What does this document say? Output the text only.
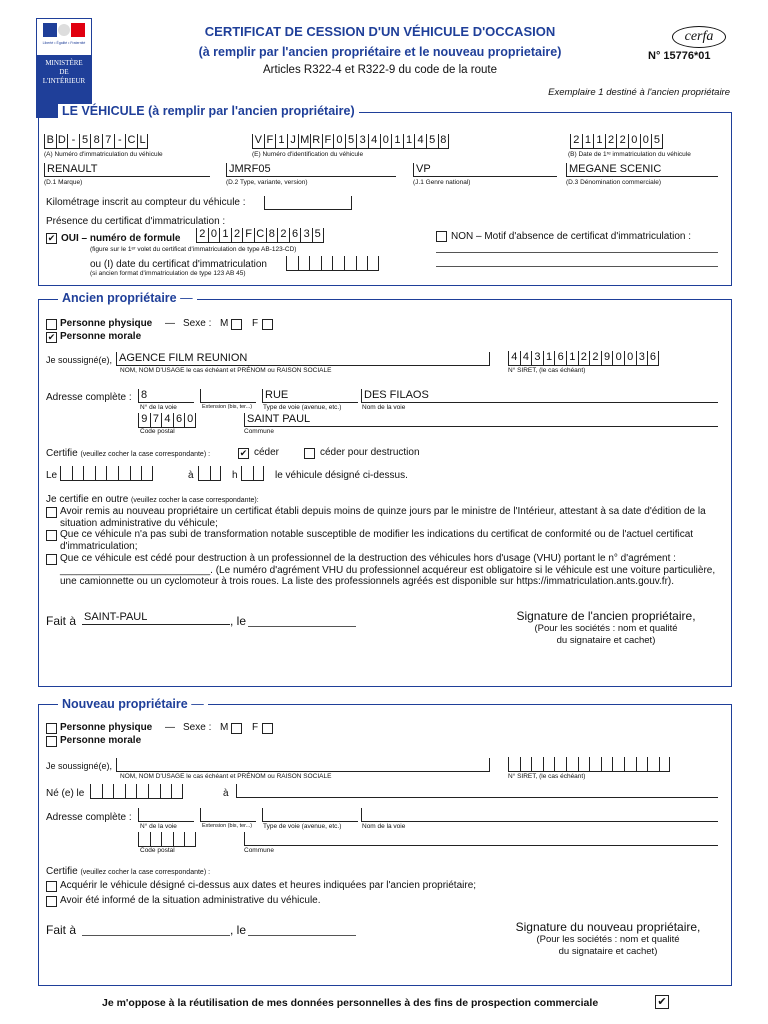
Liberté • Égalité • Fraternité
MINISTÈRE
DE
L'INTÉRIEUR
CERTIFICAT DE CESSION D'UN VÉHICULE D'OCCASION
(à remplir par l'ancien propriétaire et le nouveau proprietaire)
Articles R322-4 et R322-9 du code de la route
cerfa
N° 15776*01
Exemplaire 1 destiné à l'ancien propriétaire
LE VÉHICULE (à remplir par l'ancien propriétaire)
B D - 5 8 7 - C L
(A) Numéro d'immatriculation du véhicule
V F 1 J M R F 0 5 3 4 0 1 1 4 5 8
(E) Numéro d'identification du véhicule
2 1 1 2 2 0 0 5
(B) Date de 1ʳᵉ immatriculation du véhicule
RENAULT
(D.1 Marque)
JMRF05
(D.2 Type, variante, version)
VP
(J.1 Genre national)
MEGANE SCENIC
(D.3 Dénomination commerciale)
Kilométrage inscrit au compteur du véhicule :
Présence du certificat d'immatriculation :
✔ OUI – numéro de formule 2 0 1 2 F C 8 2 6 3 5
(figure sur le 1ᵉʳ volet du certificat d'immatriculation de type AB-123-CD)
ou (I) date du certificat d'immatriculation
(si ancien format d'immatriculation de type 123 AB 45)
NON – Motif d'absence de certificat d'immatriculation :
Ancien propriétaire —
Personne physique — Sexe : M F
✔ Personne morale
Je soussigné(e), AGENCE FILM REUNION
NOM, NOM D'USAGE le cas échéant et PRÉNOM ou RAISON SOCIALE
4 4 3 1 6 1 2 2 9 0 0 3 6
N° SIRET, (le cas échéant)
Adresse complète : 8	RUE	DES FILAOS
N° de la voie	Extension (bis, ter...) Type de voie (avenue, etc.)	Nom de la voie
9 7 4 6 0	SAINT PAUL
Code postal	Commune
Certifie (veuillez cocher la case correspondante) :	✔ céder	céder pour destruction
Le	à	h	le véhicule désigné ci-dessus.
Je certifie en outre (veuillez cocher la case correspondante):
Avoir remis au nouveau propriétaire un certificat établi depuis moins de quinze jours par le ministre de l'Intérieur, attestant à sa date d'édition de la situation administrative du véhicule;
Que ce véhicule n'a pas subi de transformation notable susceptible de modifier les indications du certificat de conformité ou de l'actuel certificat d'immatriculation;
Que ce véhicule est cédé pour destruction à un professionnel de la destruction des véhicules hors d'usage (VHU) portant le n° d'agrément : ___________________________. (Le numéro d'agrément VHU du professionnel acquéreur est obligatoire si le véhicule est une voiture particulière, une camionnette ou un cyclomoteur à trois roues. La liste des professionnels agréés est disponible sur https://immatriculation.ants.gouv.fr).
Fait à SAINT-PAUL	, le	Signature de l'ancien propriétaire,
(Pour les sociétés : nom et qualité
du signataire et cachet)
Nouveau propriétaire —
Personne physique — Sexe : M F
Personne morale
Je soussigné(e),
NOM, NOM D'USAGE le cas échéant et PRÉNOM ou RAISON SOCIALE	N° SIRET, (le cas échéant)
Né (e) le	à
Adresse complète :
N° de la voie	Extension (bis, ter...) Type de voie (avenue, etc.)	Nom de la voie
Code postal	Commune
Certifie (veuillez cocher la case correspondante) :
Acquérir le véhicule désigné ci-dessus aux dates et heures indiquées par l'ancien propriétaire;
Avoir été informé de la situation administrative du véhicule.
Fait à	, le	Signature du nouveau propriétaire,
(Pour les sociétés : nom et qualité
du signataire et cachet)
Je m'oppose à la réutilisation de mes données personnelles à des fins de prospection commerciale	✔
